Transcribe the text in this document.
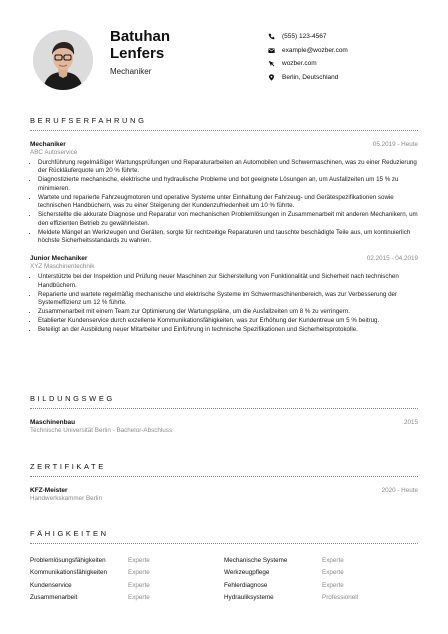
Batuhan
Lenfers
Mechaniker
(555) 123-4567
example@wozber.com
wozber.com
Berlin, Deutschland
BERUFSERFAHRUNG
Mechaniker	05.2019 - Heute
ABC Autoservice
• Durchführung regelmäßiger Wartungsprüfungen und Reparaturarbeiten an Automobilen und Schwermaschinen, was zu einer Reduzierung der Rückläuferquote um 20 % führte.
• Diagnostizierte mechanische, elektrische und hydraulische Probleme und bot geeignete Lösungen an, um Ausfallzeiten um 15 % zu minimieren.
• Wartete und reparierte Fahrzeugmotoren und operative Systeme unter Einhaltung der Fahrzeug- und Gerätespezifikationen sowie technischen Handbüchern, was zu einer Steigerung der Kundenzufriedenheit um 10 % führte.
• Sicherstellte die akkurate Diagnose und Reparatur von mechanischen Problemlösungen in Zusammenarbeit mit anderen Mechanikern, um den effizienten Betrieb zu gewährleisten.
• Meldete Mängel an Werkzeugen und Geräten, sorgte für rechtzeitige Reparaturen und tauschte beschädigte Teile aus, um kontinuierlich höchste Sicherheitsstandards zu wahren.
Junior Mechaniker	02.2015 - 04.2019
XYZ Maschinentechnik
• Unterstützte bei der Inspektion und Prüfung neuer Maschinen zur Sicherstellung von Funktionalität und Sicherheit nach technischen Handbüchern.
• Reparierte und wartete regelmäßig mechanische und elektrische Systeme im Schwermaschinenbereich, was zur Verbesserung der Systemeffizienz um 12 % führte.
• Zusammenarbeit mit einem Team zur Optimierung der Wartungspläne, um die Ausfallzeiten um 8 % zu verringern.
• Etablierter Kundenservice durch exzellente Kommunikationsfähigkeiten, was zur Erhöhung der Kundentreue um 5 % beitrug.
• Beteiligt an der Ausbildung neuer Mitarbeiter und Einführung in technische Spezifikationen und Sicherheitsprotokolle.
BILDUNGSWEG
Maschinenbau	2015
Technische Universität Berlin - Bachelor-Abschluss
ZERTIFIKATE
KFZ-Meister	2020 - Heute
Handwerkskammer Berlin
FÄHIGKEITEN
Problemlösungsfähigkeiten	Experte
Kommunikationsfähigkeiten	Experte
Kundenservice	Experte
Zusammenarbeit	Experte
Mechanische Systeme	Experte
Werkzeugpflege	Experte
Fehlerdiagnose	Experte
Hydrauliksysteme	Professionell
